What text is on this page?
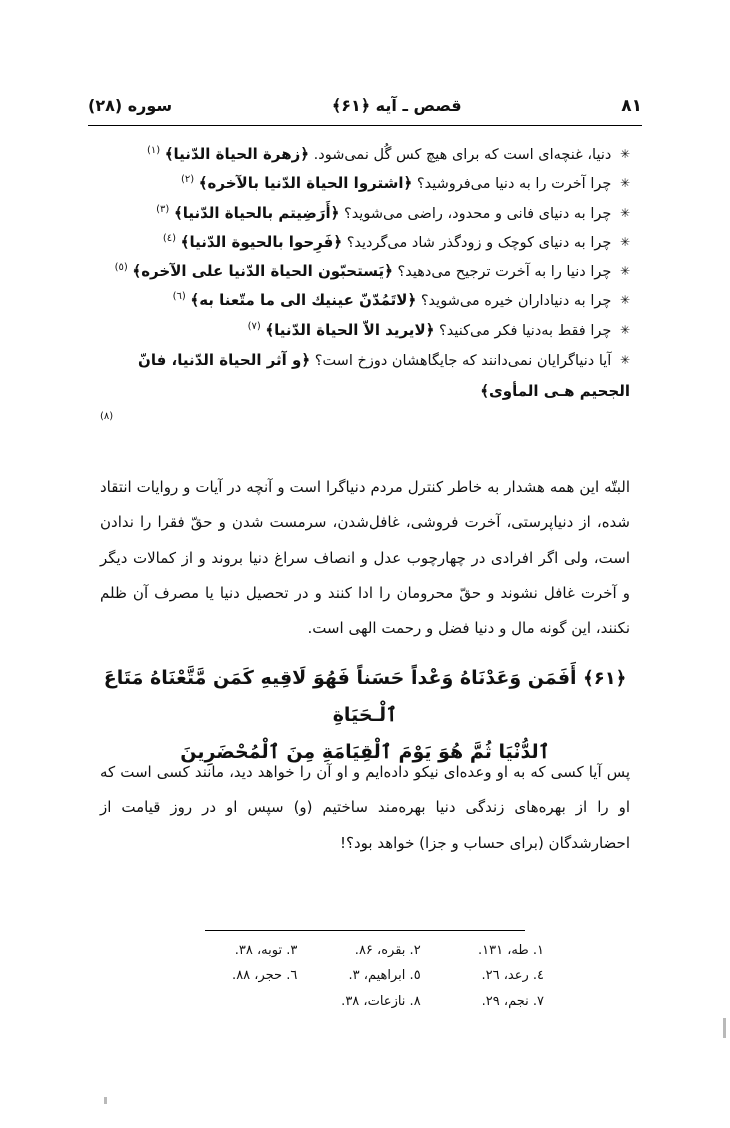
سوره (۲۸)	قصص ـ آیه ﴿۶۱﴾	۸۱
✳ دنیا، غنچه‌ای است که برای هیچ کس گُل نمی‌شود. ﴿زهرة الحياة الدّنيا﴾ $^{(۱)}$
✳ چرا آخرت را به دنیا می‌فروشید؟ ﴿اشتروا الحياة الدّنيا بالآخره﴾ $^{(۲)}$
✳ چرا به دنیای فانی و محدود، راضی می‌شوید؟ ﴿أَرَضِيتم بالحياة الدّنيا﴾ $^{(۳)}$
✳ چرا به دنیای کوچک و زودگذر شاد می‌گردید؟ ﴿فَرِحوا بالحيوة الدّنيا﴾ $^{(٤)}$
✳ چرا دنیا را به آخرت ترجیح می‌دهید؟ ﴿يَستحبّون الحياة الدّنيا على الآخره﴾ $^{(٥)}$
✳ چرا به دنیاداران خیره می‌شوید؟ ﴿لاتَمُدّنّ عينيك الى ما متّعنا به﴾ $^{(٦)}$
✳ چرا فقط به‌دنیا فکر می‌کنید؟ ﴿لايريد الاّ الحياة الدّنيا﴾ $^{(۷)}$
✳ آیا دنیاگرایان نمی‌دانند که جایگاهشان دوزخ است؟ ﴿و آثر الحياة الدّنيا، فانّ الجحيم هـى المأوى﴾
(۸)
البتّه این همه هشدار به خاطر کنترل مردم دنیاگرا است و آنچه در آیات و روایات انتقاد شده، از دنیاپرستی، آخرت فروشی، غافل‌شدن، سرمست شدن و حقّ فقرا را ندادن است، ولی اگر افرادی در چهارچوب عدل و انصاف سراغ دنیا بروند و از کمالات دیگر و آخرت غافل نشوند و حقّ محرومان را ادا کنند و در تحصیل دنیا یا مصرف آن ظلم نکنند، این گونه مال و دنیا فضل و رحمت الهی است.
﴿۶۱﴾ أَفَمَن وَعَدْنَاهُ وَعْداً حَسَناً فَهُوَ لَاقِيهِ كَمَن مَّتَّعْنَاهُ مَتَاعَ ٱلْـحَيَاةِ
ٱلدُّنْيَا ثُمَّ هُوَ يَوْمَ ٱلْقِيَامَةِ مِنَ ٱلْمُحْضَرِينَ
پس آیا کسی که به او وعده‌ای نیکو داده‌ایم و او آن را خواهد دید، مانند کسی است که او را از بهره‌های زندگی دنیا بهره‌مند ساختیم (و) سپس او در روز قیامت از احضارشدگان (برای حساب و جزا) خواهد بود؟!
۱. طه، ۱۳۱.
۲. بقره، ۸۶.
۳. توبه، ۳۸.
٤. رعد، ۲٦.
٥. ابراهیم، ۳.
٦. حجر، ۸۸.
۷. نجم، ۲۹.
۸. نازعات، ۳۸.
